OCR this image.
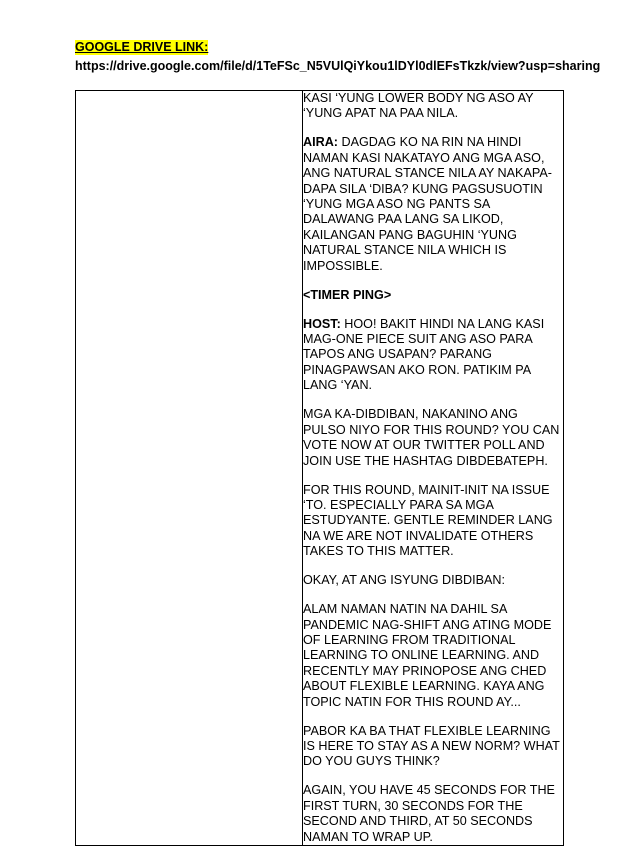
GOOGLE DRIVE LINK:
https://drive.google.com/file/d/1TeFSc_N5VUlQiYkou1lDYl0dlEFsTkzk/view?usp=sharing

KASI ‘YUNG LOWER BODY NG ASO AY ‘YUNG APAT NA PAA NILA.

AIRA: DAGDAG KO NA RIN NA HINDI NAMAN KASI NAKATAYO ANG MGA ASO, ANG NATURAL STANCE NILA AY NAKAPA-DAPA SILA ‘DIBA? KUNG PAGSUSUOTIN ‘YUNG MGA ASO NG PANTS SA DALAWANG PAA LANG SA LIKOD, KAILANGAN PANG BAGUHIN ‘YUNG NATURAL STANCE NILA WHICH IS IMPOSSIBLE.

<TIMER PING>

HOST: HOO! BAKIT HINDI NA LANG KASI MAG-ONE PIECE SUIT ANG ASO PARA TAPOS ANG USAPAN? PARANG PINAGPAWSAN AKO RON. PATIKIM PA LANG ‘YAN.

MGA KA-DIBDIBAN, NAKANINO ANG PULSO NIYO FOR THIS ROUND? YOU CAN VOTE NOW AT OUR TWITTER POLL AND JOIN USE THE HASHTAG DIBDEBATEPH.

FOR THIS ROUND, MAINIT-INIT NA ISSUE ‘TO. ESPECIALLY PARA SA MGA ESTUDYANTE. GENTLE REMINDER LANG NA WE ARE NOT INVALIDATE OTHERS TAKES TO THIS MATTER.

OKAY, AT ANG ISYUNG DIBDIBAN:

ALAM NAMAN NATIN NA DAHIL SA PANDEMIC NAG-SHIFT ANG ATING MODE OF LEARNING FROM TRADITIONAL LEARNING TO ONLINE LEARNING. AND RECENTLY MAY PRINOPOSE ANG CHED ABOUT FLEXIBLE LEARNING. KAYA ANG TOPIC NATIN FOR THIS ROUND AY...

PABOR KA BA THAT FLEXIBLE LEARNING IS HERE TO STAY AS A NEW NORM? WHAT DO YOU GUYS THINK?

AGAIN, YOU HAVE 45 SECONDS FOR THE FIRST TURN, 30 SECONDS FOR THE SECOND AND THIRD, AT 50 SECONDS NAMAN TO WRAP UP.
